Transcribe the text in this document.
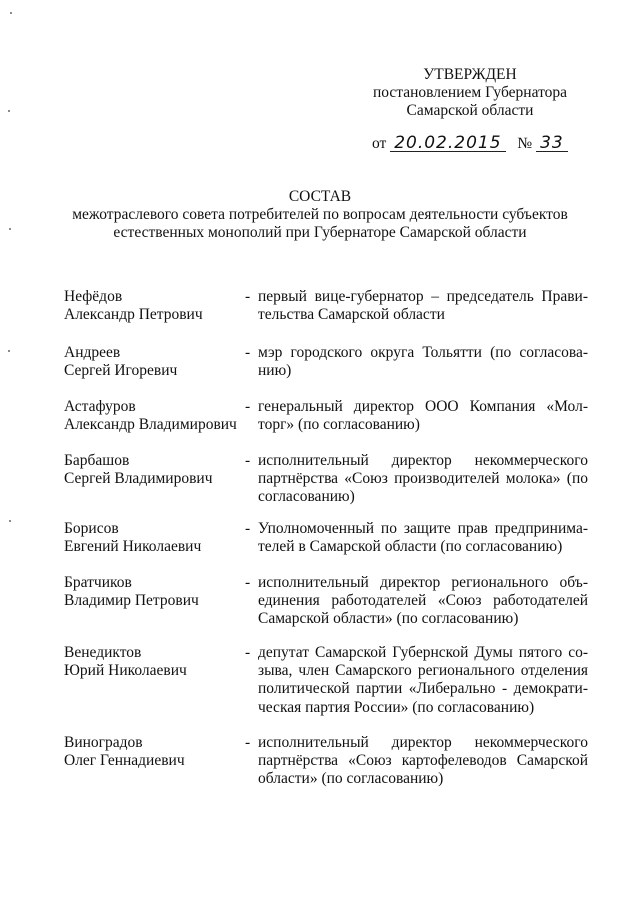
УТВЕРЖДЕН
постановлением Губернатора
Самарской области
от 20.02.2015 № 33
СОСТАВ
межотраслевого совета потребителей по вопросам деятельности субъектов
естественных монополий при Губернаторе Самарской области
Нефёдов
Александр Петрович
- первый вице-губернатор – председатель Прави-
тельства Самарской области
Андреев
Сергей Игоревич
- мэр городского округа Тольятти (по согласова-
нию)
Астафуров
Александр Владимирович
- генеральный директор ООО Компания «Мол-
торг» (по согласованию)
Барбашов
Сергей Владимирович
- исполнительный директор некоммерческого
партнёрства «Союз производителей молока» (по
согласованию)
Борисов
Евгений Николаевич
- Уполномоченный по защите прав предпринима-
телей в Самарской области (по согласованию)
Братчиков
Владимир Петрович
- исполнительный директор регионального объ-
единения работодателей «Союз работодателей
Самарской области» (по согласованию)
Венедиктов
Юрий Николаевич
- депутат Самарской Губернской Думы пятого со-
зыва, член Самарского регионального отделения
политической партии «Либерально - демократи-
ческая партия России» (по согласованию)
Виноградов
Олег Геннадиевич
- исполнительный директор некоммерческого
партнёрства «Союз картофелеводов Самарской
области» (по согласованию)
